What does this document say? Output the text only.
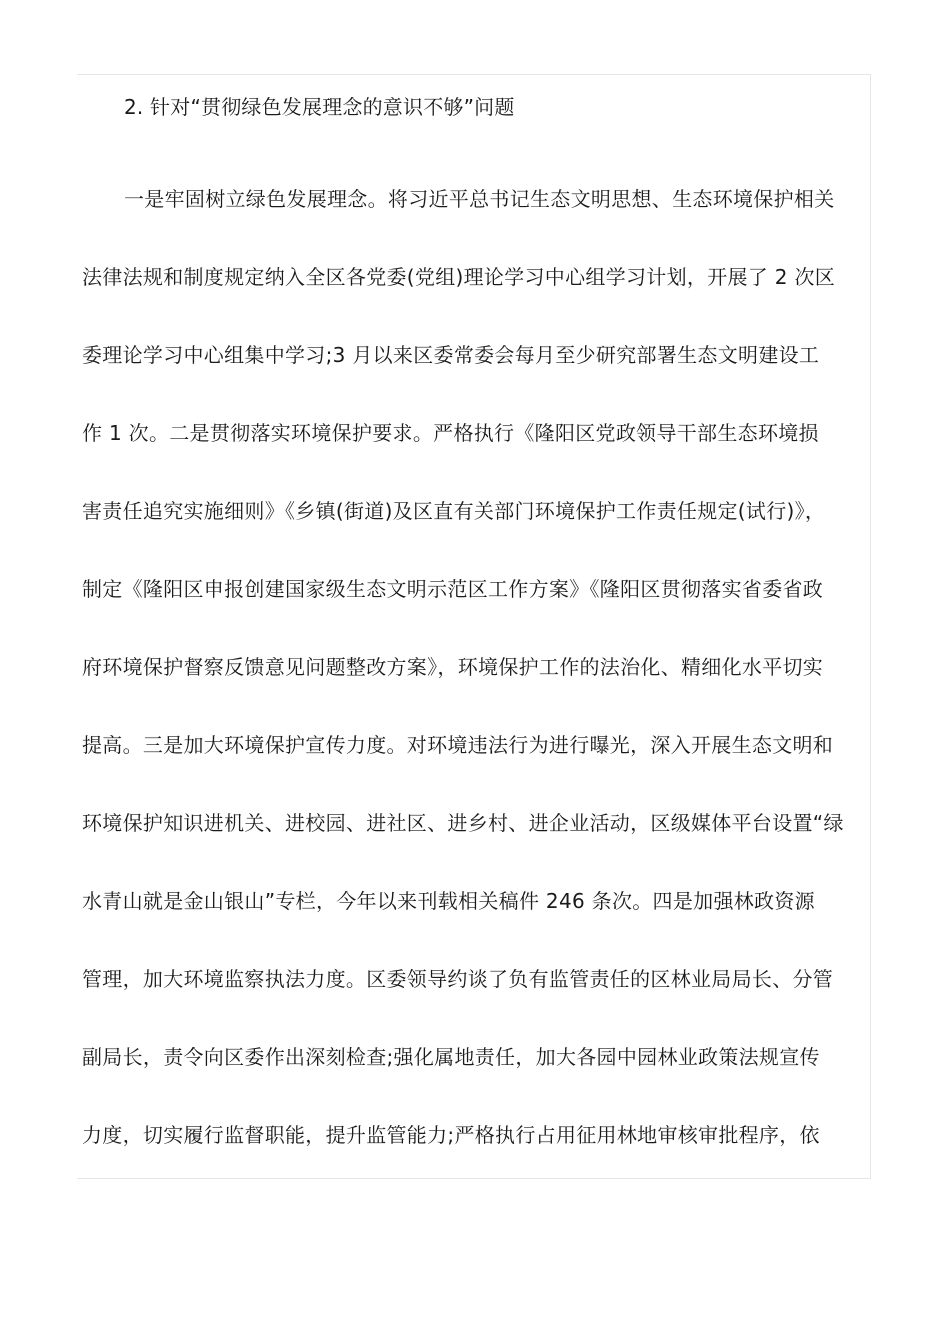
2. 针对“贯彻绿色发展理念的意识不够”问题
一是牢固树立绿色发展理念。将习近平总书记生态文明思想、生态环境保护相关
法律法规和制度规定纳入全区各党委(党组)理论学习中心组学习计划，开展了 2 次区
委理论学习中心组集中学习;3 月以来区委常委会每月至少研究部署生态文明建设工
作 1 次。二是贯彻落实环境保护要求。严格执行《隆阳区党政领导干部生态环境损
害责任追究实施细则》《乡镇(街道)及区直有关部门环境保护工作责任规定(试行)》，
制定《隆阳区申报创建国家级生态文明示范区工作方案》《隆阳区贯彻落实省委省政
府环境保护督察反馈意见问题整改方案》，环境保护工作的法治化、精细化水平切实
提高。三是加大环境保护宣传力度。对环境违法行为进行曝光，深入开展生态文明和
环境保护知识进机关、进校园、进社区、进乡村、进企业活动，区级媒体平台设置“绿
水青山就是金山银山”专栏，今年以来刊载相关稿件 246 条次。四是加强林政资源
管理，加大环境监察执法力度。区委领导约谈了负有监管责任的区林业局局长、分管
副局长，责令向区委作出深刻检查;强化属地责任，加大各园中园林业政策法规宣传
力度，切实履行监督职能，提升监管能力;严格执行占用征用林地审核审批程序，依
